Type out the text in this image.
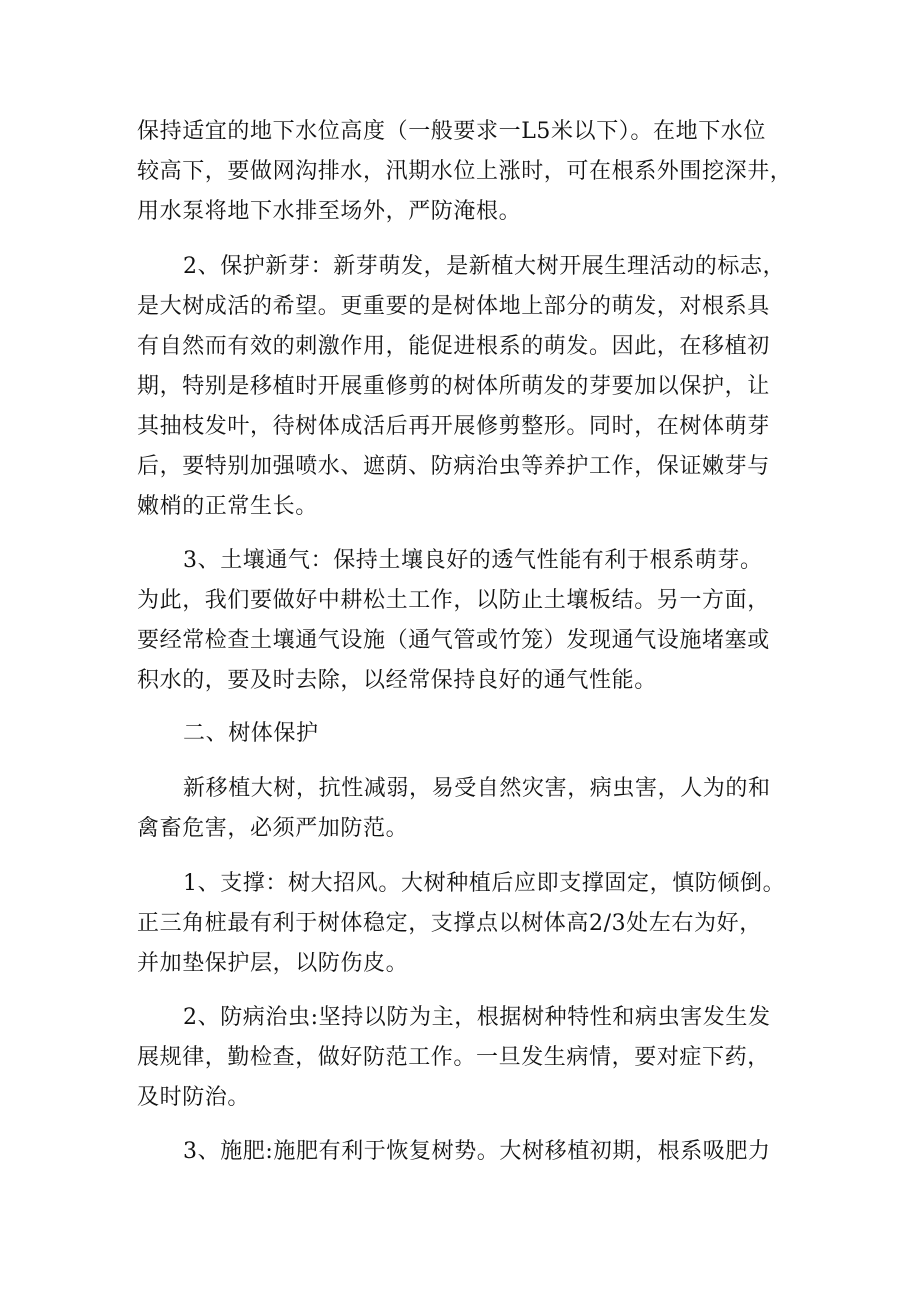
保持适宜的地下水位高度（一般要求一L5米以下）。在地下水位
较高下，要做网沟排水，汛期水位上涨时，可在根系外围挖深井，
用水泵将地下水排至场外，严防淹根。
2、保护新芽：新芽萌发，是新植大树开展生理活动的标志，
是大树成活的希望。更重要的是树体地上部分的萌发，对根系具
有自然而有效的刺激作用，能促进根系的萌发。因此，在移植初
期，特别是移植时开展重修剪的树体所萌发的芽要加以保护，让
其抽枝发叶，待树体成活后再开展修剪整形。同时，在树体萌芽
后，要特别加强喷水、遮荫、防病治虫等养护工作，保证嫩芽与
嫩梢的正常生长。
3、土壤通气：保持土壤良好的透气性能有利于根系萌芽。
为此，我们要做好中耕松土工作，以防止土壤板结。另一方面，
要经常检查土壤通气设施（通气管或竹笼）发现通气设施堵塞或
积水的，要及时去除，以经常保持良好的通气性能。
二、树体保护
新移植大树，抗性减弱，易受自然灾害，病虫害，人为的和
禽畜危害，必须严加防范。
1、支撑：树大招风。大树种植后应即支撑固定，慎防倾倒。
正三角桩最有利于树体稳定，支撑点以树体高2/3处左右为好，
并加垫保护层，以防伤皮。
2、防病治虫:坚持以防为主，根据树种特性和病虫害发生发
展规律，勤检查，做好防范工作。一旦发生病情，要对症下药，
及时防治。
3、施肥:施肥有利于恢复树势。大树移植初期，根系吸肥力
